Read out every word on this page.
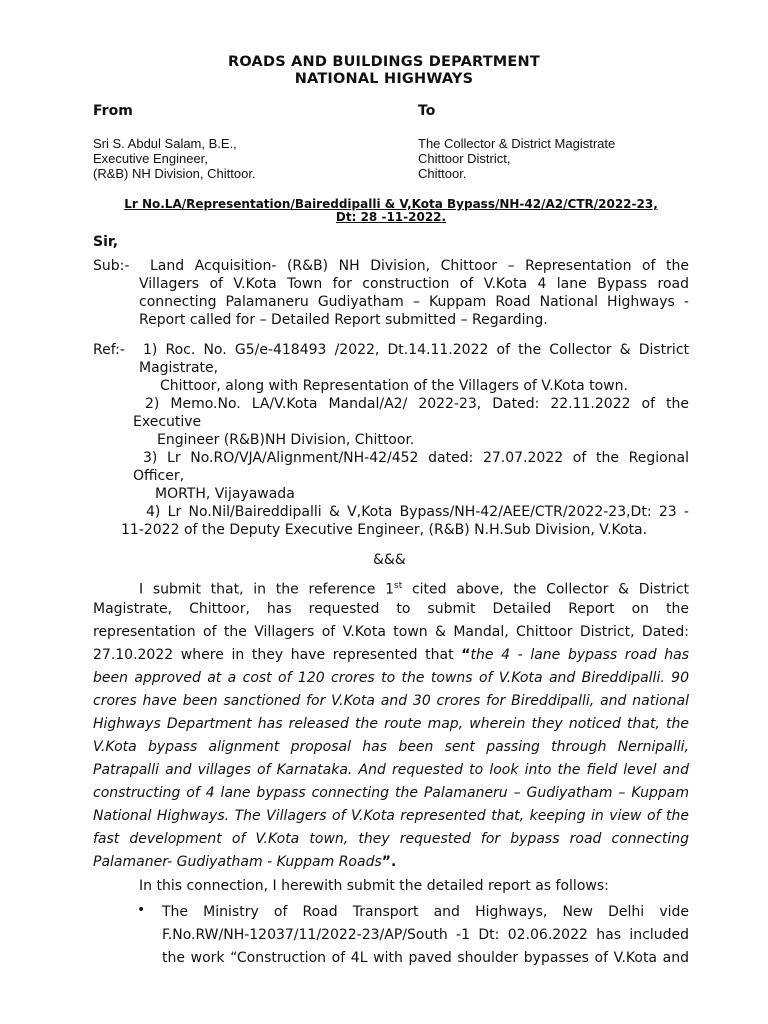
ROADS AND BUILDINGS DEPARTMENT
NATIONAL HIGHWAYS
From	To
Sri S. Abdul Salam, B.E.,
Executive Engineer,
(R&B) NH Division, Chittoor.
The Collector & District Magistrate
Chittoor District,
Chittoor.
Lr No.LA/Representation/Baireddipalli & V,Kota Bypass/NH-42/A2/CTR/2022-23,
Dt: 28 -11-2022.
Sir,
Sub:- Land Acquisition- (R&B) NH Division, Chittoor – Representation of the
Villagers of V.Kota Town for construction of V.Kota 4 lane Bypass road
connecting Palamaneru Gudiyatham – Kuppam Road National Highways -
Report called for – Detailed Report submitted – Regarding.
Ref:- 1) Roc. No. G5/e-418493 /2022, Dt.14.11.2022 of the Collector & District
Magistrate,
Chittoor, along with Representation of the Villagers of V.Kota town.
2) Memo.No. LA/V.Kota Mandal/A2/ 2022-23, Dated: 22.11.2022 of the
Executive
Engineer (R&B)NH Division, Chittoor.
3) Lr No.RO/VJA/Alignment/NH-42/452 dated: 27.07.2022 of the Regional
Officer,
MORTH, Vijayawada
4) Lr No.Nil/Baireddipalli & V,Kota Bypass/NH-42/AEE/CTR/2022-23,Dt: 23 -
11-2022 of the Deputy Executive Engineer, (R&B) N.H.Sub Division, V.Kota.
&&&
I submit that, in the reference 1st cited above, the Collector & District
Magistrate, Chittoor, has requested to submit Detailed Report on the
representation of the Villagers of V.Kota town & Mandal, Chittoor District, Dated:
27.10.2022 where in they have represented that “the 4 - lane bypass road has
been approved at a cost of 120 crores to the towns of V.Kota and Bireddipalli. 90
crores have been sanctioned for V.Kota and 30 crores for Bireddipalli, and national
Highways Department has released the route map, wherein they noticed that, the
V.Kota bypass alignment proposal has been sent passing through Nernipalli,
Patrapalli and villages of Karnataka. And requested to look into the field level and
constructing of 4 lane bypass connecting the Palamaneru – Gudiyatham – Kuppam
National Highways. The Villagers of V.Kota represented that, keeping in view of the
fast development of V.Kota town, they requested for bypass road connecting
Palamaner- Gudiyatham - Kuppam Roads”.
In this connection, I herewith submit the detailed report as follows:
• The Ministry of Road Transport and Highways, New Delhi vide
F.No.RW/NH-12037/11/2022-23/AP/South -1 Dt: 02.06.2022 has included
the work “Construction of 4L with paved shoulder bypasses of V.Kota and
